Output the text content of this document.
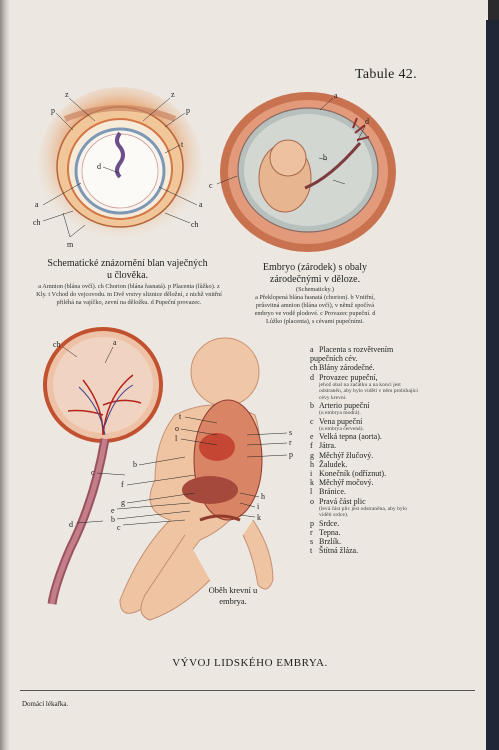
Tabule 42.

z	z
p	p
t
d
a	a
ch	ch
m
Schematické znázornění blan vaječných u člověka.
a Amnion (blána ovčí). ch Chorion (blána řasnatá). p Placenta (lůžko). z Kly. t Vchod do vejcovodu. m Dvě vrstvy sliznice děložní, z nichž vnitřní přiléhá na vajíčko, zevní na děložku. d Pupeční provazec.
a
b
c
d
Embryo (zárodek) s obaly zárodečnými v děloze.
(Schematicky.)
a Překlopená blána řasnatá (chorion). b Vnitřní, průsvitná amnion (blána ovčí), v němž spočívá embryo ve vodě plodové. c Provazec pupeční. d Lůžko (placenta), s cévami pupečními.
ch	a
c
b
f
g
e
b
c
d
t
o
l
s
r
p
h
i
k
Oběh krevní u embrya.
a Placenta s rozvětvením pupečních cév.
chBlány zárodečné.
d Provazec pupeční,
jehož obal na začátku a na konci jest odstraněn, aby bylo viděti v něm probíhající cévy krevní.
b Arterio pupeční
(u embrya modrá).
c Vena pupeční
(u embrya červená).
e Velká tepna (aorta).
f Játra.
g Měchýř žlučový.
h Žaludek.
i Konečník (odříznut).
k Měchýř močový.
l Bránice.
o Pravá část plic
(levá část plic jest odstraněna, aby bylo viděti srdce).
p Srdce.
r Tepna.
s Brzlík.
t Štítná žláza.
VÝVOJ LIDSKÉHO EMBRYA.
Domácí lékařka.
